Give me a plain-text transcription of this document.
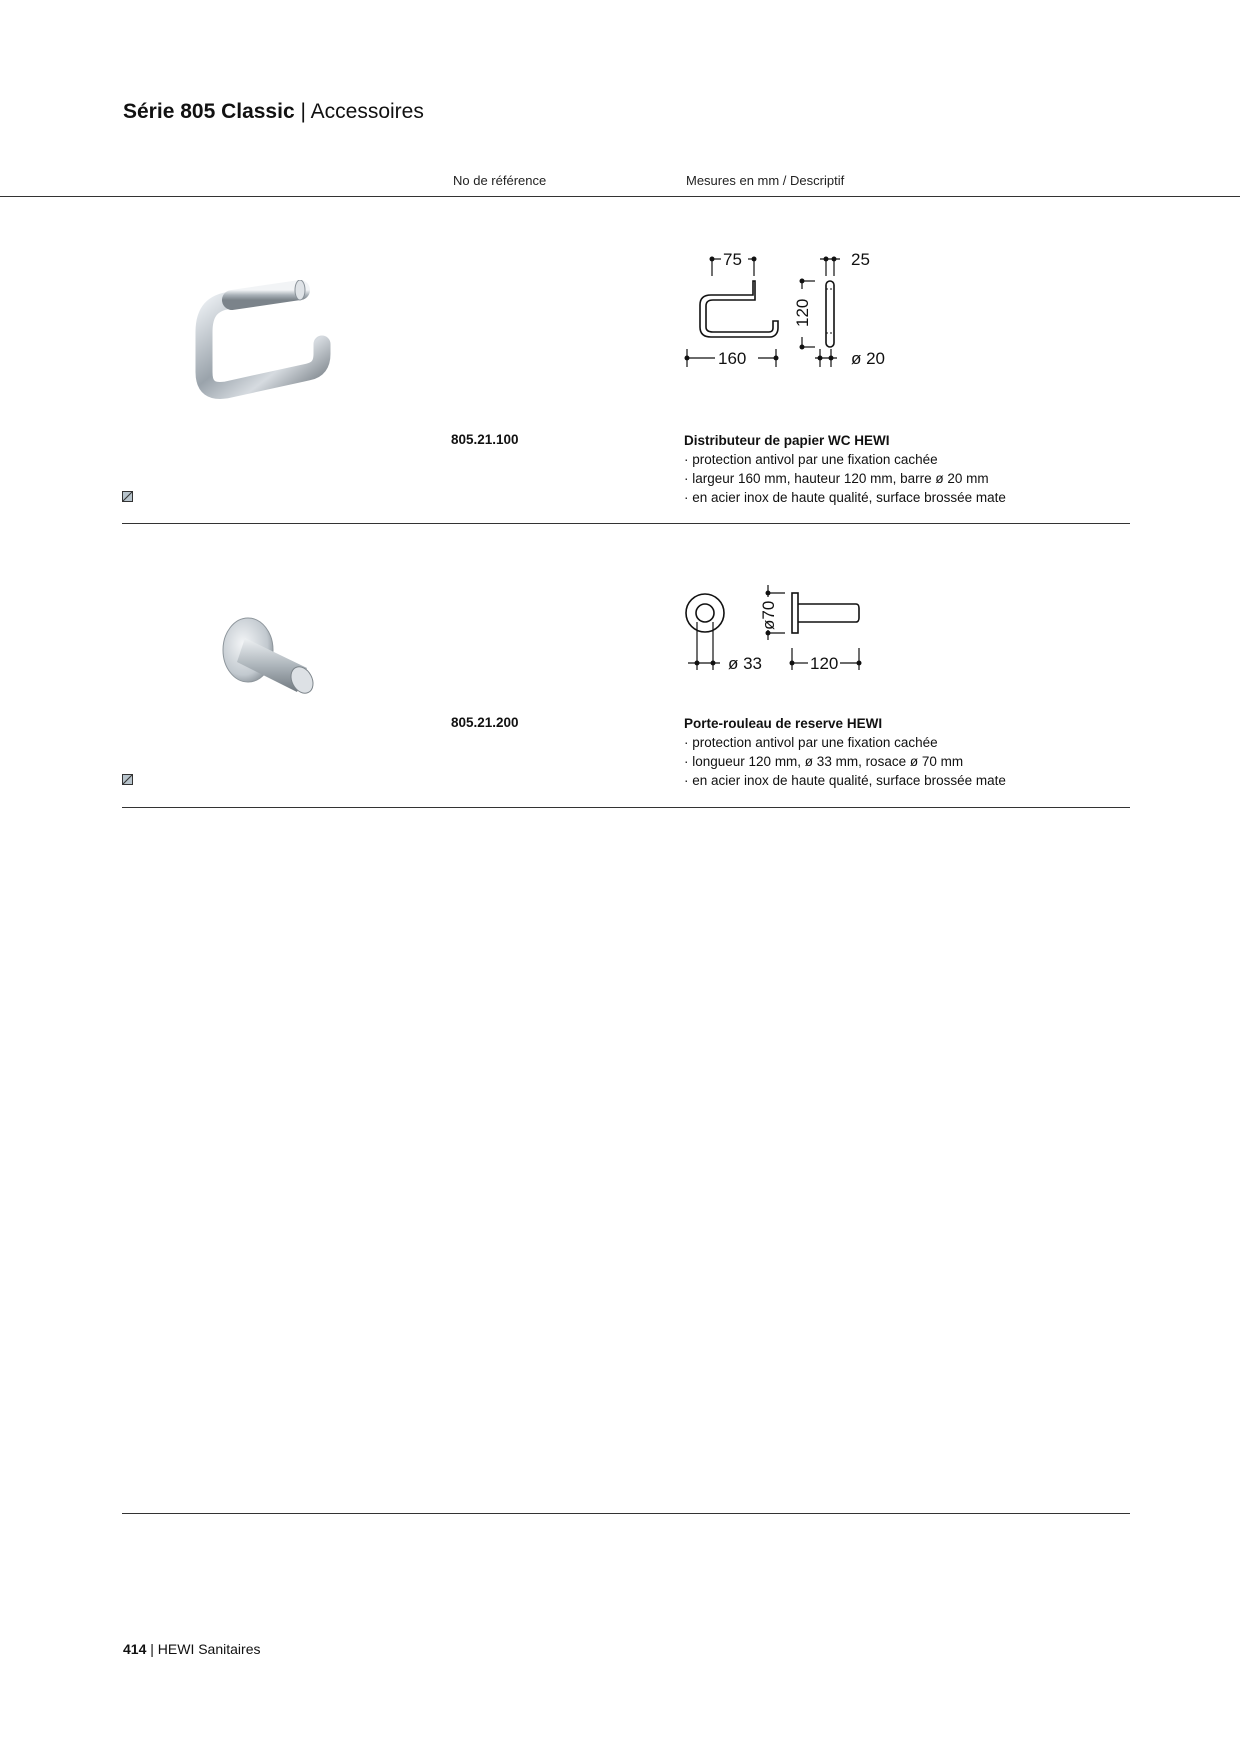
Série 805 Classic | Accessoires
No de référence	Mesures en mm / Descriptif
75	25
120
160	ø 20
805.21.100	Distributeur de papier WC HEWI
· protection antivol par une fixation cachée
· largeur 160 mm, hauteur 120 mm, barre ø 20 mm
· en acier inox de haute qualité, surface brossée mate
ø70
ø 33	120
805.21.200	Porte-rouleau de reserve HEWI
· protection antivol par une fixation cachée
· longueur 120 mm, ø 33 mm, rosace ø 70 mm
· en acier inox de haute qualité, surface brossée mate
414 | HEWI Sanitaires
